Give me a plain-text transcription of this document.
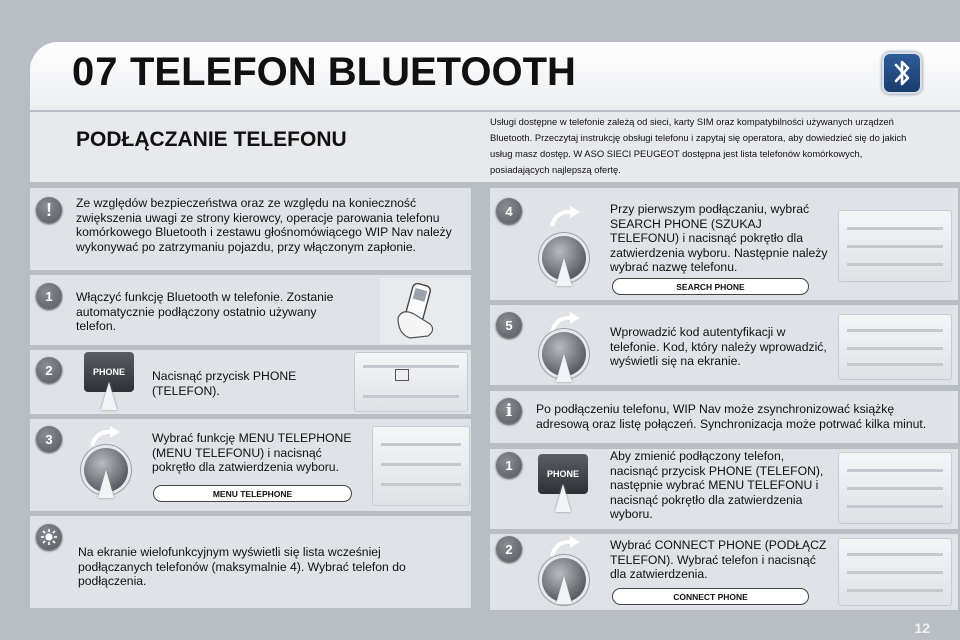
07 TELEFON BLUETOOTH
PODŁĄCZANIE TELEFONU
Usługi dostępne w telefonie zależą od sieci, karty SIM oraz kompatybilności używanych urządzeń Bluetooth. Przeczytaj instrukcję obsługi telefonu i zapytaj się operatora, aby dowiedzieć się do jakich usług masz dostęp. W ASO SIECI PEUGEOT dostępna jest lista telefonów komórkowych, posiadających najlepszą ofertę.
!	Ze względów bezpieczeństwa oraz ze względu na konieczność zwiększenia uwagi ze strony kierowcy, operacje parowania telefonu komórkowego Bluetooth i zestawu głośnomówiącego WIP Nav należy wykonywać po zatrzymaniu pojazdu, przy włączonym zapłonie.
1	Włączyć funkcję Bluetooth w telefonie. Zostanie automatycznie podłączony ostatnio używany telefon.
2	PHONE	Nacisnąć przycisk PHONE (TELEFON).
3	Wybrać funkcję MENU TELEPHONE (MENU TELEFONU) i nacisnąć pokrętło dla zatwierdzenia wyboru.
MENU TELEPHONE
Na ekranie wielofunkcyjnym wyświetli się lista wcześniej podłączanych telefonów (maksymalnie 4). Wybrać telefon do podłączenia.
4	Przy pierwszym podłączaniu, wybrać SEARCH PHONE (SZUKAJ TELEFONU) i nacisnąć pokrętło dla zatwierdzenia wyboru. Następnie należy wybrać nazwę telefonu.
SEARCH PHONE
5	Wprowadzić kod autentyfikacji w telefonie. Kod, który należy wprowadzić, wyświetli się na ekranie.
i	Po podłączeniu telefonu, WIP Nav może zsynchronizować książkę adresową oraz listę połączeń. Synchronizacja może potrwać kilka minut.
1
PHONE
Aby zmienić podłączony telefon, nacisnąć przycisk PHONE (TELEFON), następnie wybrać MENU TELEFONU i nacisnąć pokrętło dla zatwierdzenia wyboru.
2	Wybrać CONNECT PHONE (PODŁĄCZ TELEFON). Wybrać telefon i nacisnąć dla zatwierdzenia.
CONNECT PHONE
12
